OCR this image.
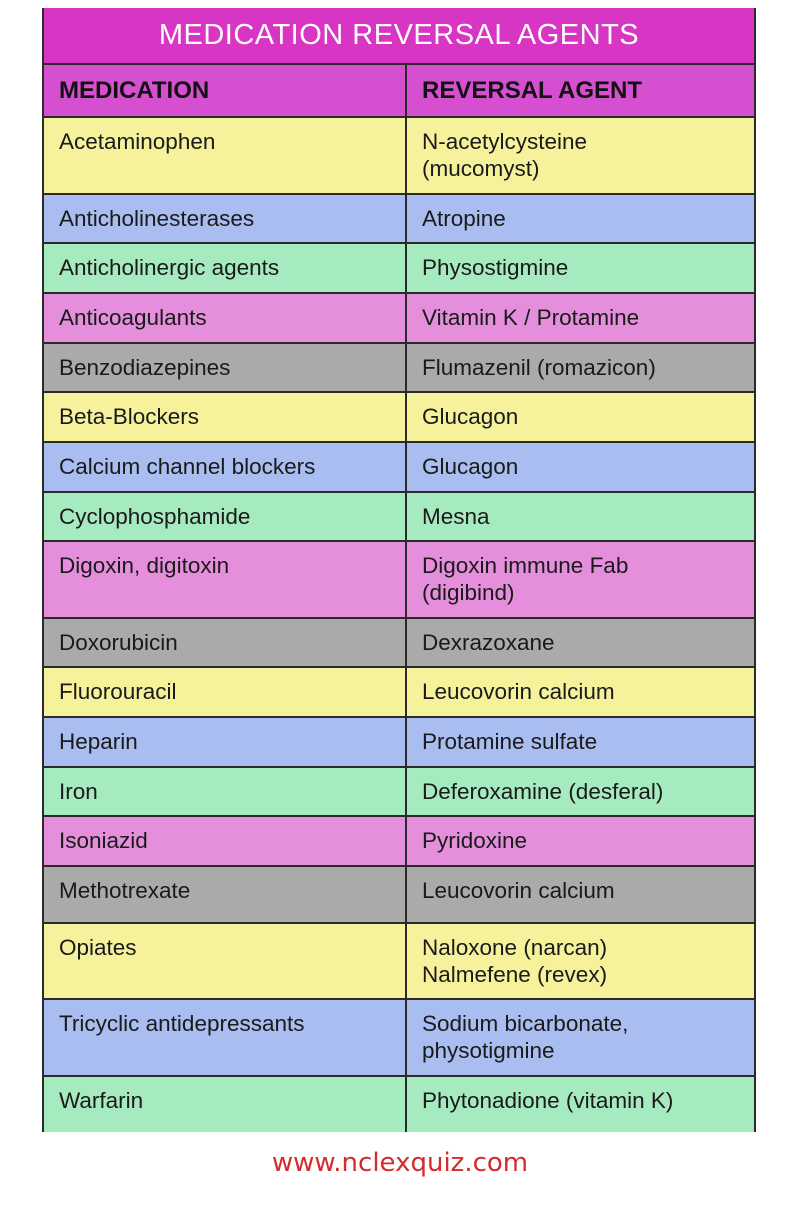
MEDICATION REVERSAL AGENTS
MEDICATION	REVERSAL AGENT
Acetaminophen	N-acetylcysteine
(mucomyst)
Anticholinesterases	Atropine
Anticholinergic agents	Physostigmine
Anticoagulants	Vitamin K / Protamine
Benzodiazepines	Flumazenil (romazicon)
Beta-Blockers	Glucagon
Calcium channel blockers	Glucagon
Cyclophosphamide	Mesna
Digoxin, digitoxin	Digoxin immune Fab
(digibind)
Doxorubicin	Dexrazoxane
Fluorouracil	Leucovorin calcium
Heparin	Protamine sulfate
Iron	Deferoxamine (desferal)
Isoniazid	Pyridoxine
Methotrexate	Leucovorin calcium
Opiates	Naloxone (narcan)
Nalmefene (revex)
Tricyclic antidepressants	Sodium bicarbonate,
physotigmine
Warfarin	Phytonadione (vitamin K)
www.nclexquiz.com
